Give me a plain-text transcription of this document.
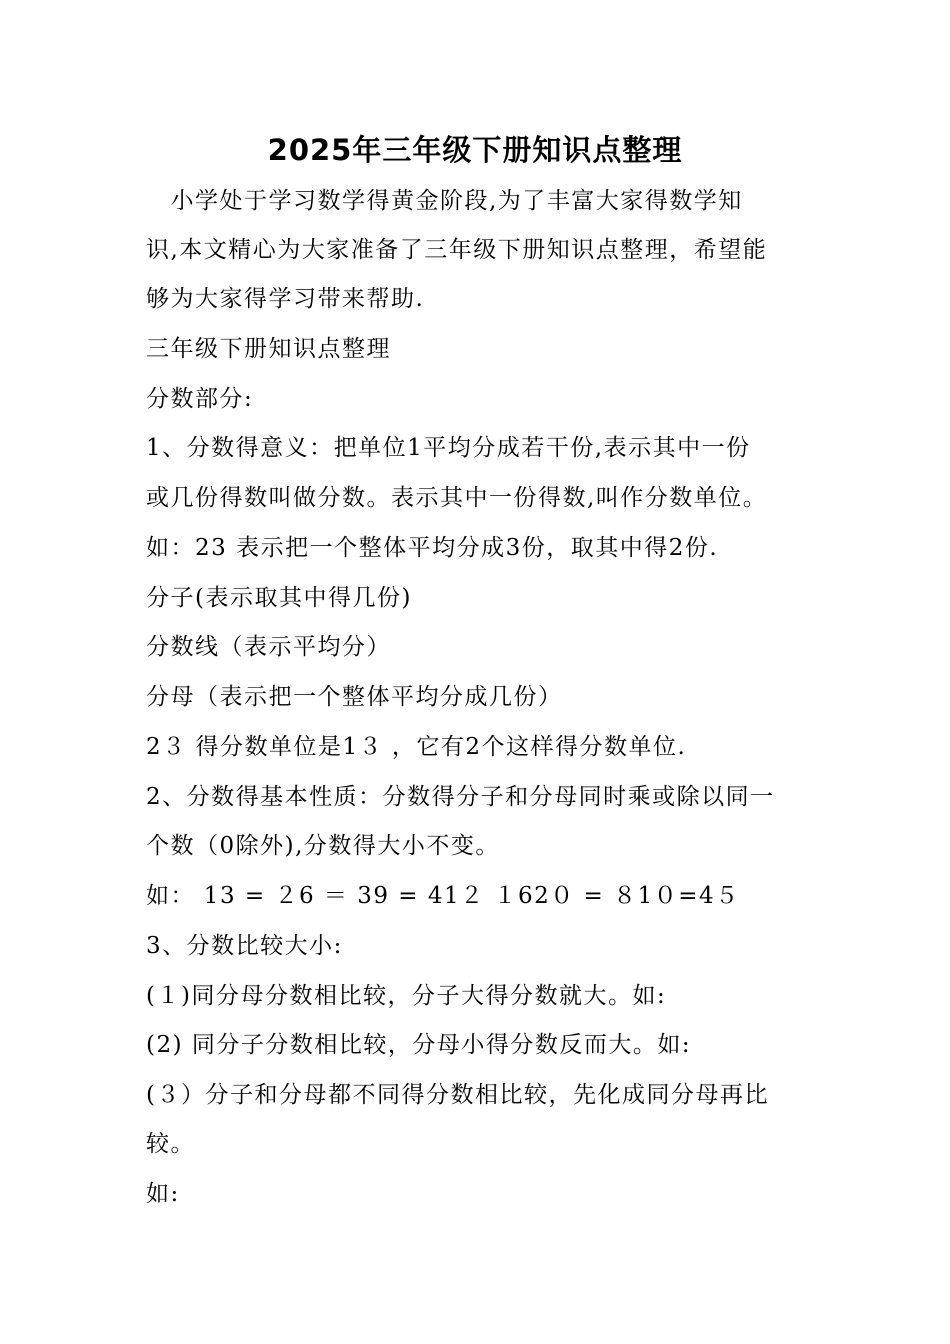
2025年三年级下册知识点整理
　小学处于学习数学得黄金阶段,为了丰富大家得数学知
识,本文精心为大家准备了三年级下册知识点整理，希望能
够为大家得学习带来帮助.
三年级下册知识点整理
分数部分:
1、分数得意义：把单位1平均分成若干份,表示其中一份
或几份得数叫做分数。表示其中一份得数,叫作分数单位。
如：23 表示把一个整体平均分成3份，取其中得2份.
分子(表示取其中得几份)
分数线（表示平均分）
分母（表示把一个整体平均分成几份）
2３ 得分数单位是1３ ，它有2个这样得分数单位.
2、分数得基本性质：分数得分子和分母同时乘或除以同一
个数（0除外),分数得大小不变。
如： 13 = ２6 ＝ 39 = 41２ １62０ = ８1０=4５
3、分数比较大小:
(１)同分母分数相比较，分子大得分数就大。如:
(2) 同分子分数相比较，分母小得分数反而大。如:
(３）分子和分母都不同得分数相比较，先化成同分母再比
较。
如:
